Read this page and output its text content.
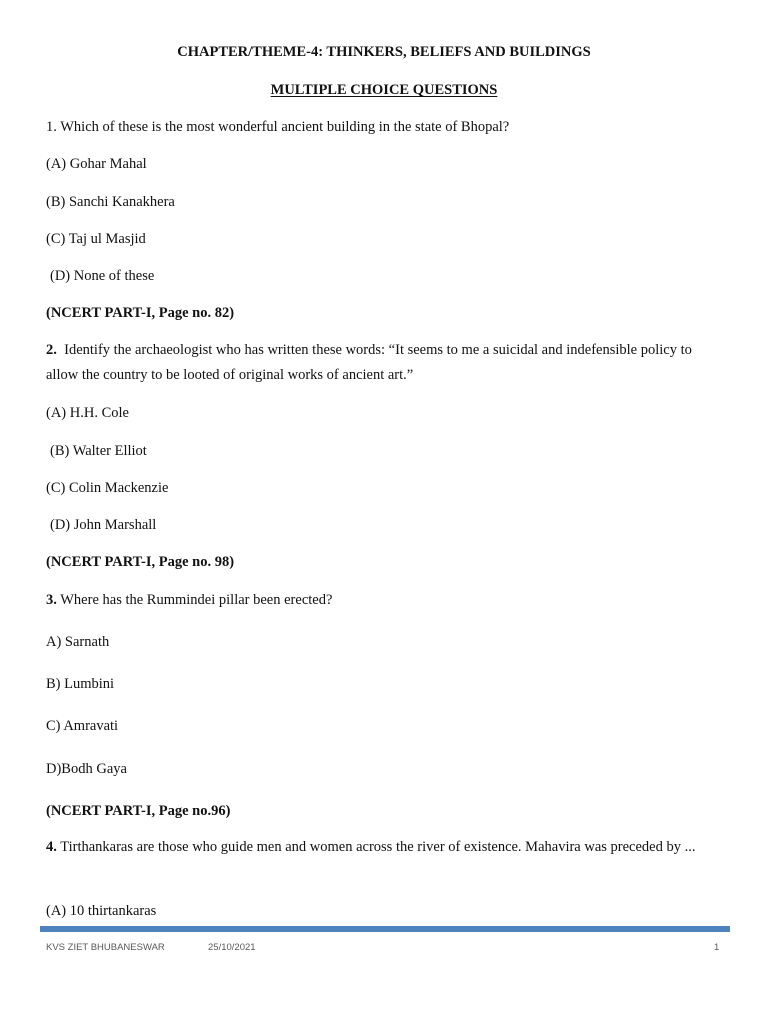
CHAPTER/THEME-4: THINKERS, BELIEFS AND BUILDINGS
MULTIPLE CHOICE QUESTIONS
1. Which of these is the most wonderful ancient building in the state of Bhopal?
(A) Gohar Mahal
(B) Sanchi Kanakhera
(C) Taj ul Masjid
(D) None of these
(NCERT PART-I, Page no. 82)
2. Identify the archaeologist who has written these words: “It seems to me a suicidal and indefensible policy to allow the country to be looted of original works of ancient art.”
(A) H.H. Cole
(B) Walter Elliot
(C) Colin Mackenzie
(D) John Marshall
(NCERT PART-I, Page no. 98)
3. Where has the Rummindei pillar been erected?
A) Sarnath
B) Lumbini
C) Amravati
D)Bodh Gaya
(NCERT PART-I, Page no.96)
4. Tirthankaras are those who guide men and women across the river of existence. Mahavira was preceded by ...
(A) 10 thirtankaras
KVS ZIET BHUBANESWAR	25/10/2021	1
